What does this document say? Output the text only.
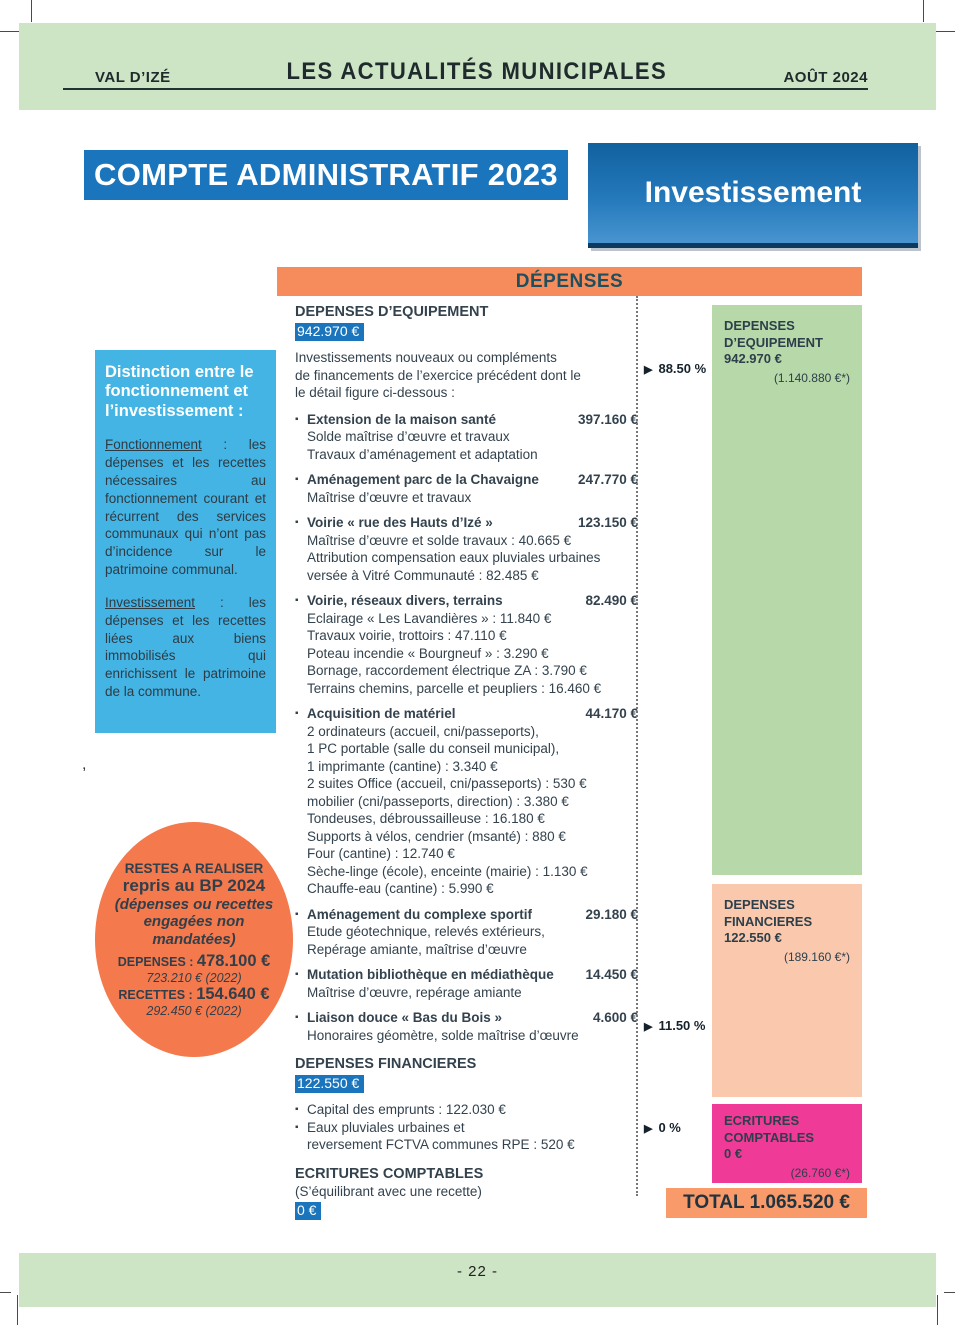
VAL D’IZÉ	LES ACTUALITÉS MUNICIPALES	AOÛT 2024
COMPTE ADMINISTRATIF 2023
Investissement
DÉPENSES
Distinction entre le fonctionnement et l’investissement :
Fonctionnement : les dépenses et les recettes nécessaires au fonctionnement courant et récurrent des services communaux qui n’ont pas d’incidence sur le patrimoine communal.
Investissement : les dépenses et les recettes liées aux biens immobilisés qui enrichissent le patrimoine de la commune.
,
RESTES A REALISER
repris au BP 2024
(dépenses ou recettes
engagées non
mandatées)
DEPENSES : 478.100 €
723.210 € (2022)
RECETTES : 154.640 €
292.450 € (2022)
DEPENSES D’EQUIPEMENT
942.970 €
Investissements nouveaux ou compléments
de financements de l’exercice précédent dont le
le détail figure ci-dessous :
▪ Extension de la maison santé	397.160 €
Solde maîtrise d’œuvre et travaux
Travaux d’aménagement et adaptation
▪ Aménagement parc de la Chavaigne	247.770 €
Maîtrise d’œuvre et travaux
▪ Voirie « rue des Hauts d’Izé »	123.150 €
Maîtrise d’œuvre et solde travaux : 40.665 €
Attribution compensation eaux pluviales urbaines
versée à Vitré Communauté : 82.485 €
▪ Voirie, réseaux divers, terrains	82.490 €
Eclairage « Les Lavandières » : 11.840 €
Travaux voirie, trottoirs : 47.110 €
Poteau incendie « Bourgneuf » : 3.290 €
Bornage, raccordement électrique ZA : 3.790 €
Terrains chemins, parcelle et peupliers : 16.460 €
▪ Acquisition de matériel	44.170 €
2 ordinateurs (accueil, cni/passeports),
1 PC portable (salle du conseil municipal),
1 imprimante (cantine) : 3.340 €
2 suites Office (accueil, cni/passeports) : 530 €
mobilier (cni/passeports, direction) : 3.380 €
Tondeuses, débroussailleuse : 16.180 €
Supports à vélos, cendrier (msanté) : 880 €
Four (cantine) : 12.740 €
Sèche-linge (école), enceinte (mairie) : 1.130 €
Chauffe-eau (cantine) : 5.990 €
▪ Aménagement du complexe sportif	29.180 €
Etude géotechnique, relevés extérieurs,
Repérage amiante, maîtrise d’œuvre
▪ Mutation bibliothèque en médiathèque	14.450 €
Maîtrise d’œuvre, repérage amiante
▪ Liaison douce « Bas du Bois »	4.600 €
Honoraires géomètre, solde maîtrise d’œuvre
DEPENSES FINANCIERES
122.550 €
▪ Capital des emprunts : 122.030 €
▪ Eaux pluviales urbaines et
reversement FCTVA communes RPE : 520 €
ECRITURES COMPTABLES
(S’équilibrant avec une recette)
0 €
▶ 88.50 %
▶ 11.50 %
▶ 0 %
DEPENSES
D’EQUIPEMENT
942.970 €
(1.140.880 €*)
DEPENSES
FINANCIERES
122.550 €
(189.160 €*)
ECRITURES
COMPTABLES
0 €
(26.760 €*)
TOTAL 1.065.520 €
- 22 -
